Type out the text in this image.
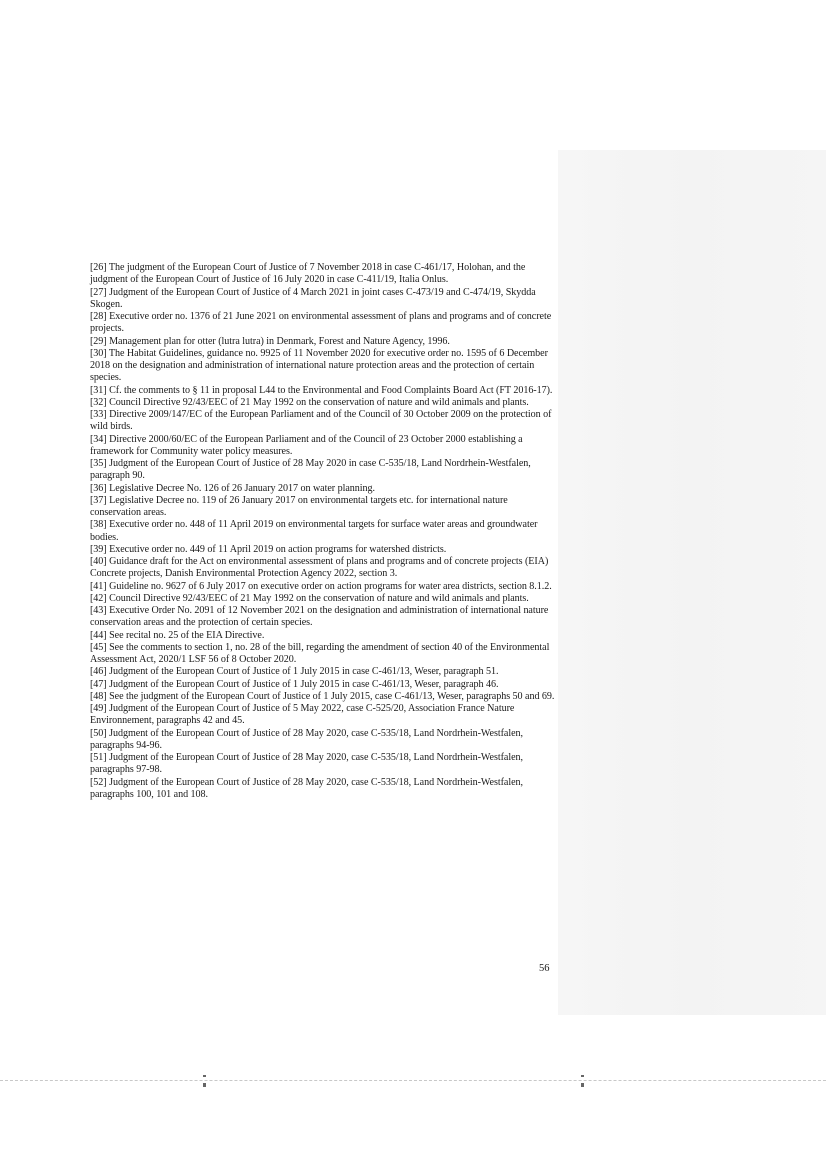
[26] The judgment of the European Court of Justice of 7 November 2018 in case C-461/17, Holohan, and the judgment of the European Court of Justice of 16 July 2020 in case C-411/19, Italia Onlus.

[27] Judgment of the European Court of Justice of 4 March 2021 in joint cases C-473/19 and C-474/19, Skydda Skogen.

[28] Executive order no. 1376 of 21 June 2021 on environmental assessment of plans and programs and of concrete projects.

[29] Management plan for otter (lutra lutra) in Denmark, Forest and Nature Agency, 1996.

[30] The Habitat Guidelines, guidance no. 9925 of 11 November 2020 for executive order no. 1595 of 6 December 2018 on the designation and administration of international nature protection areas and the protection of certain species.

[31] Cf. the comments to § 11 in proposal L44 to the Environmental and Food Complaints Board Act (FT 2016-17).

[32] Council Directive 92/43/EEC of 21 May 1992 on the conservation of nature and wild animals and plants.

[33] Directive 2009/147/EC of the European Parliament and of the Council of 30 October 2009 on the protection of wild birds.

[34] Directive 2000/60/EC of the European Parliament and of the Council of 23 October 2000 establishing a framework for Community water policy measures.

[35] Judgment of the European Court of Justice of 28 May 2020 in case C-535/18, Land Nordrhein-Westfalen, paragraph 90.

[36] Legislative Decree No. 126 of 26 January 2017 on water planning.

[37] Legislative Decree no. 119 of 26 January 2017 on environmental targets etc. for international nature conservation areas.

[38] Executive order no. 448 of 11 April 2019 on environmental targets for surface water areas and groundwater bodies.

[39] Executive order no. 449 of 11 April 2019 on action programs for watershed districts.

[40] Guidance draft for the Act on environmental assessment of plans and programs and of concrete projects (EIA) Concrete projects, Danish Environmental Protection Agency 2022, section 3.

[41] Guideline no. 9627 of 6 July 2017 on executive order on action programs for water area districts, section 8.1.2.

[42] Council Directive 92/43/EEC of 21 May 1992 on the conservation of nature and wild animals and plants.

[43] Executive Order No. 2091 of 12 November 2021 on the designation and administration of international nature conservation areas and the protection of certain species.

[44] See recital no. 25 of the EIA Directive.

[45] See the comments to section 1, no. 28 of the bill, regarding the amendment of section 40 of the Environmental Assessment Act, 2020/1 LSF 56 of 8 October 2020.

[46] Judgment of the European Court of Justice of 1 July 2015 in case C-461/13, Weser, paragraph 51.

[47] Judgment of the European Court of Justice of 1 July 2015 in case C-461/13, Weser, paragraph 46.

[48] See the judgment of the European Court of Justice of 1 July 2015, case C-461/13, Weser, paragraphs 50 and 69.

[49] Judgment of the European Court of Justice of 5 May 2022, case C-525/20, Association France Nature Environnement, paragraphs 42 and 45.

[50] Judgment of the European Court of Justice of 28 May 2020, case C-535/18, Land Nordrhein-Westfalen, paragraphs 94-96.

[51] Judgment of the European Court of Justice of 28 May 2020, case C-535/18, Land Nordrhein-Westfalen, paragraphs 97-98.

[52] Judgment of the European Court of Justice of 28 May 2020, case C-535/18, Land Nordrhein-Westfalen, paragraphs 100, 101 and 108.

56
